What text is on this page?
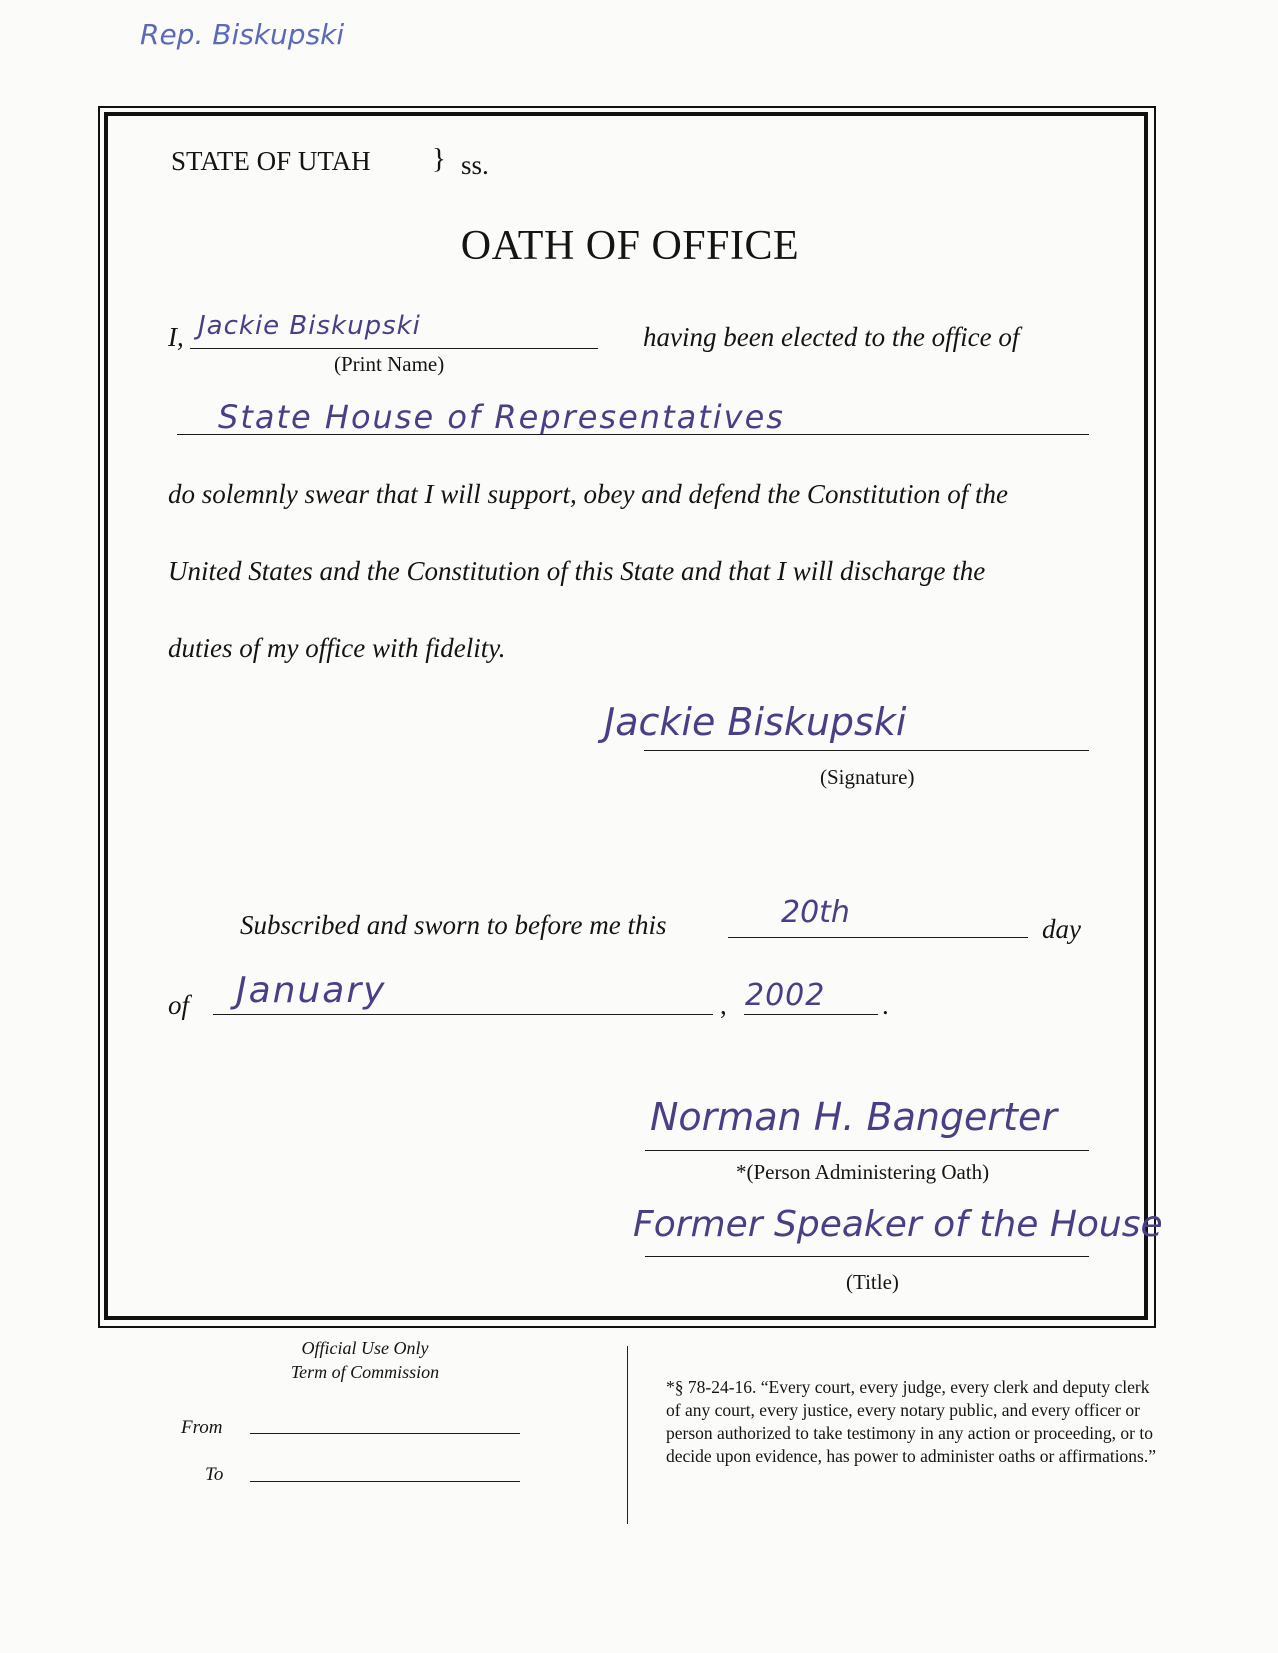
Rep. Biskupski
STATE OF UTAH } ss.
OATH OF OFFICE
I, Jackie Biskupski
(Print Name)
having been elected to the office of
State House of Representatives
do solemnly swear that I will support, obey and defend the Constitution of the
United States and the Constitution of this State and that I will discharge the
duties of my office with fidelity.
Jackie Biskupski
(Signature)
Subscribed and sworn to before me this	20th	day
of January	, 2002 .
Norman H. Bangerter
*(Person Administering Oath)
Former Speaker of the House
(Title)
Official Use Only
Term of Commission
From
To
*§ 78-24-16. “Every court, every judge, every clerk and deputy clerk of any court, every justice, every notary public, and every officer or person authorized to take testimony in any action or proceeding, or to decide upon evidence, has power to administer oaths or affirmations.”
